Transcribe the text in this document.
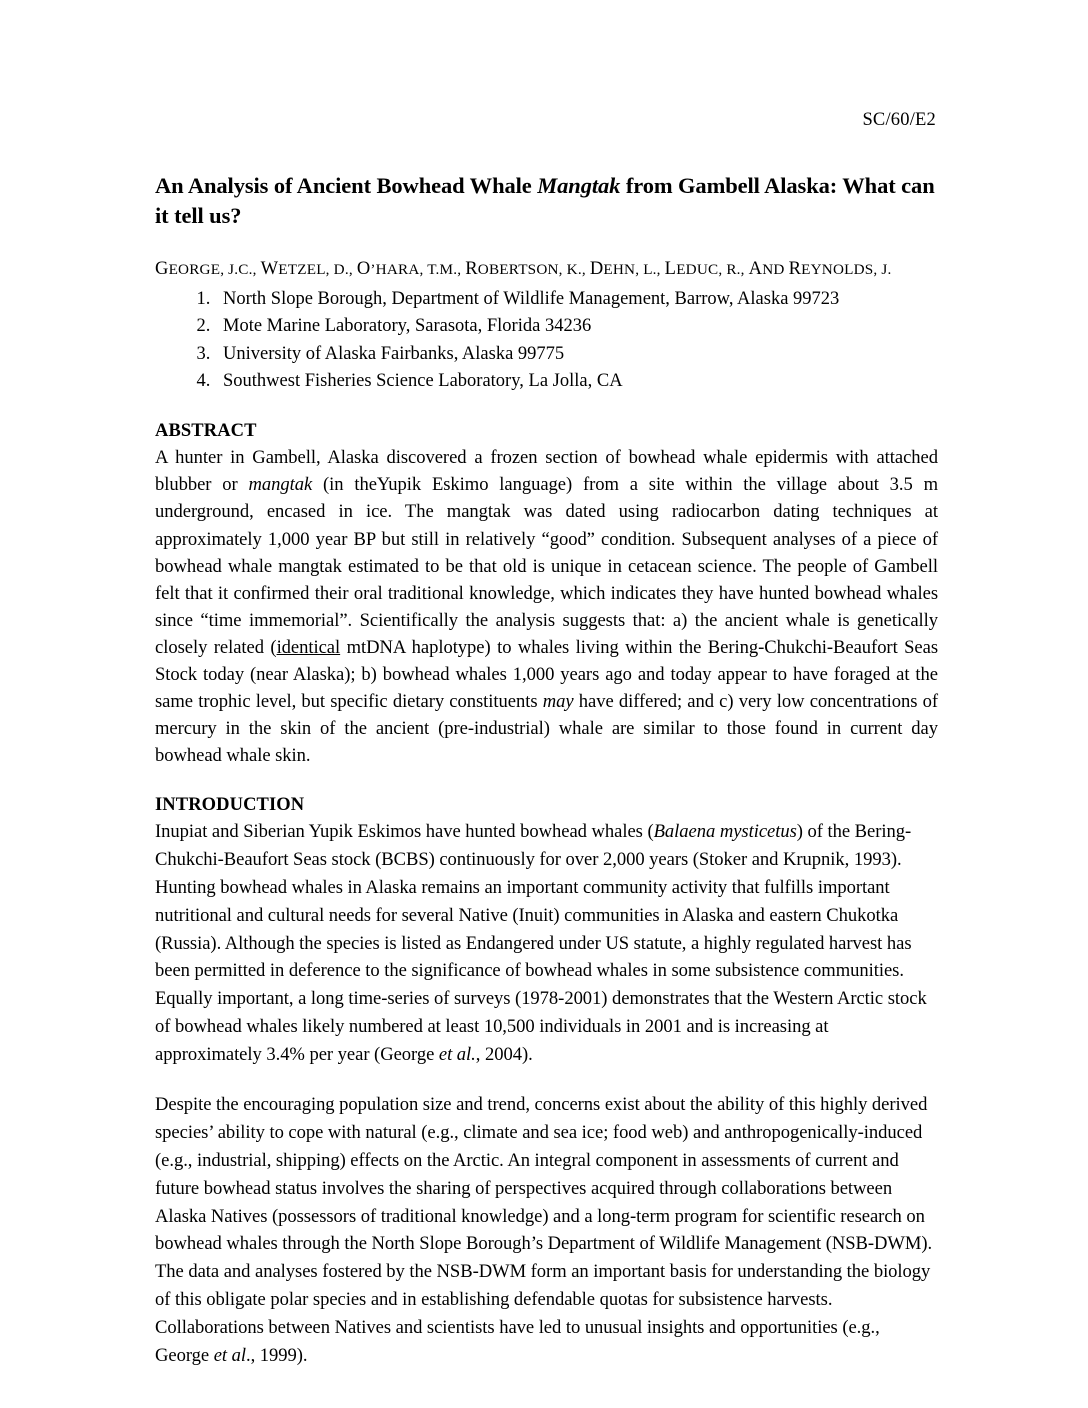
SC/60/E2
An Analysis of Ancient Bowhead Whale Mangtak from Gambell Alaska: What can it tell us?

GEORGE, J.C., WETZEL, D., O’HARA, T.M., ROBERTSON, K., DEHN, L., LEDUC, R., AND REYNOLDS, J.

1. North Slope Borough, Department of Wildlife Management, Barrow, Alaska 99723
2. Mote Marine Laboratory, Sarasota, Florida 34236
3. University of Alaska Fairbanks, Alaska 99775
4. Southwest Fisheries Science Laboratory, La Jolla, CA
ABSTRACT

A hunter in Gambell, Alaska discovered a frozen section of bowhead whale epidermis with attached blubber or mangtak (in theYupik Eskimo language) from a site within the village about 3.5 m underground, encased in ice. The mangtak was dated using radiocarbon dating techniques at approximately 1,000 year BP but still in relatively “good” condition. Subsequent analyses of a piece of bowhead whale mangtak estimated to be that old is unique in cetacean science. The people of Gambell felt that it confirmed their oral traditional knowledge, which indicates they have hunted bowhead whales since “time immemorial”. Scientifically the analysis suggests that: a) the ancient whale is genetically closely related (identical mtDNA haplotype) to whales living within the Bering-Chukchi-Beaufort Seas Stock today (near Alaska); b) bowhead whales 1,000 years ago and today appear to have foraged at the same trophic level, but specific dietary constituents may have differed; and c) very low concentrations of mercury in the skin of the ancient (pre-industrial) whale are similar to those found in current day bowhead whale skin.

INTRODUCTION

Inupiat and Siberian Yupik Eskimos have hunted bowhead whales (Balaena mysticetus) of the Bering-Chukchi-Beaufort Seas stock (BCBS) continuously for over 2,000 years (Stoker and Krupnik, 1993). Hunting bowhead whales in Alaska remains an important community activity that fulfills important nutritional and cultural needs for several Native (Inuit) communities in Alaska and eastern Chukotka (Russia). Although the species is listed as Endangered under US statute, a highly regulated harvest has been permitted in deference to the significance of bowhead whales in some subsistence communities. Equally important, a long time-series of surveys (1978-2001) demonstrates that the Western Arctic stock of bowhead whales likely numbered at least 10,500 individuals in 2001 and is increasing at approximately 3.4% per year (George et al., 2004).

Despite the encouraging population size and trend, concerns exist about the ability of this highly derived species’ ability to cope with natural (e.g., climate and sea ice; food web) and anthropogenically-induced (e.g., industrial, shipping) effects on the Arctic. An integral component in assessments of current and future bowhead status involves the sharing of perspectives acquired through collaborations between Alaska Natives (possessors of traditional knowledge) and a long-term program for scientific research on bowhead whales through the North Slope Borough’s Department of Wildlife Management (NSB-DWM). The data and analyses fostered by the NSB-DWM form an important basis for understanding the biology of this obligate polar species and in establishing defendable quotas for subsistence harvests. Collaborations between Natives and scientists have led to unusual insights and opportunities (e.g., George et al., 1999).
